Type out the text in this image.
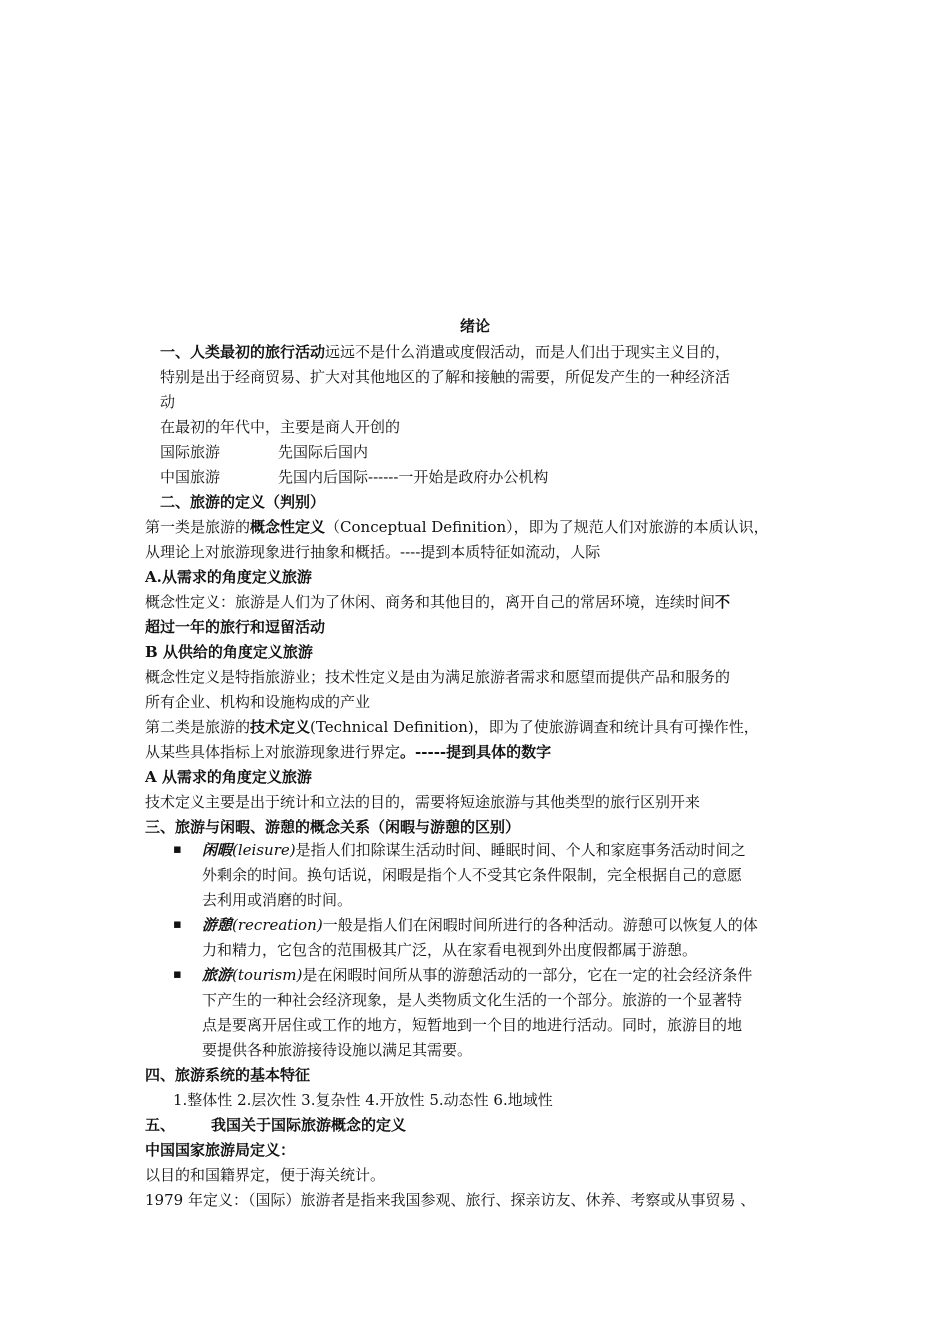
绪论
一、人类最初的旅行活动远远不是什么消遣或度假活动，而是人们出于现实主义目的，
特别是出于经商贸易、扩大对其他地区的了解和接触的需要，所促发产生的一种经济活
动
在最初的年代中，主要是商人开创的
国际旅游	先国际后国内
中国旅游	先国内后国际------一开始是政府办公机构
二、旅游的定义（判别）
第一类是旅游的概念性定义（Conceptual Definition），即为了规范人们对旅游的本质认识，
从理论上对旅游现象进行抽象和概括。----提到本质特征如流动，人际
A.从需求的角度定义旅游
概念性定义：旅游是人们为了休闲、商务和其他目的，离开自己的常居环境，连续时间不
超过一年的旅行和逗留活动
B 从供给的角度定义旅游
概念性定义是特指旅游业；技术性定义是由为满足旅游者需求和愿望而提供产品和服务的
所有企业、机构和设施构成的产业
第二类是旅游的技术定义(Technical Definition)，即为了使旅游调查和统计具有可操作性，
从某些具体指标上对旅游现象进行界定。-----提到具体的数字
A 从需求的角度定义旅游
技术定义主要是出于统计和立法的目的，需要将短途旅游与其他类型的旅行区别开来
三、旅游与闲暇、游憩的概念关系（闲暇与游憩的区别）
▪ 闲暇(leisure)是指人们扣除谋生活动时间、睡眠时间、个人和家庭事务活动时间之
外剩余的时间。换句话说，闲暇是指个人不受其它条件限制，完全根据自己的意愿
去利用或消磨的时间。
▪ 游憩(recreation)一般是指人们在闲暇时间所进行的各种活动。游憩可以恢复人的体
力和精力，它包含的范围极其广泛，从在家看电视到外出度假都属于游憩。
▪ 旅游(tourism)是在闲暇时间所从事的游憩活动的一部分，它在一定的社会经济条件
下产生的一种社会经济现象，是人类物质文化生活的一个部分。旅游的一个显著特
点是要离开居住或工作的地方，短暂地到一个目的地进行活动。同时，旅游目的地
要提供各种旅游接待设施以满足其需要。
四、旅游系统的基本特征
1.整体性 2.层次性 3.复杂性 4.开放性 5.动态性 6.地域性
五、 我国关于国际旅游概念的定义
中国国家旅游局定义：
以目的和国籍界定，便于海关统计。
1979 年定义：（国际）旅游者是指来我国参观、旅行、探亲访友、休养、考察或从事贸易 、
